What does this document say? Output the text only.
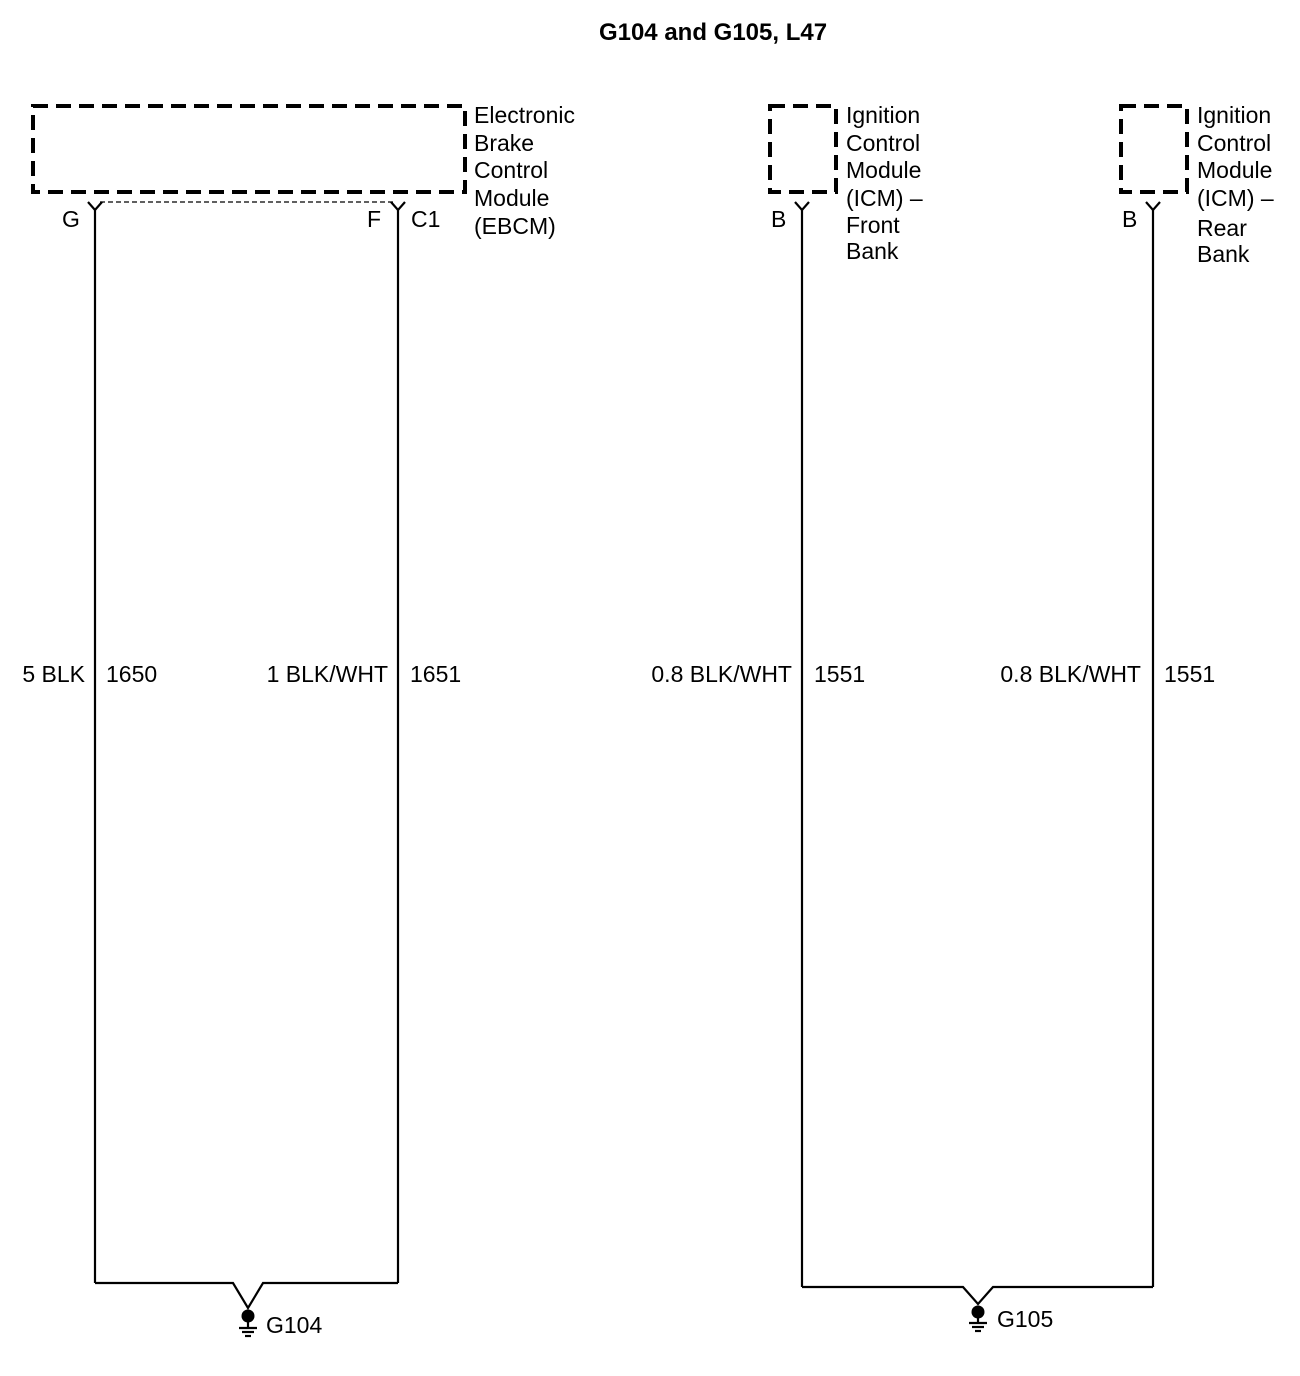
G104 and G105, L47
Electronic Brake Control Module (EBCM)
G	F C1
5 BLK 1650	1 BLK/WHT 1651
G104
Ignition Control Module (ICM) – Front Bank
B
0.8 BLK/WHT 1551
Ignition Control Module (ICM) – Rear Bank
B
0.8 BLK/WHT 1551
G105
